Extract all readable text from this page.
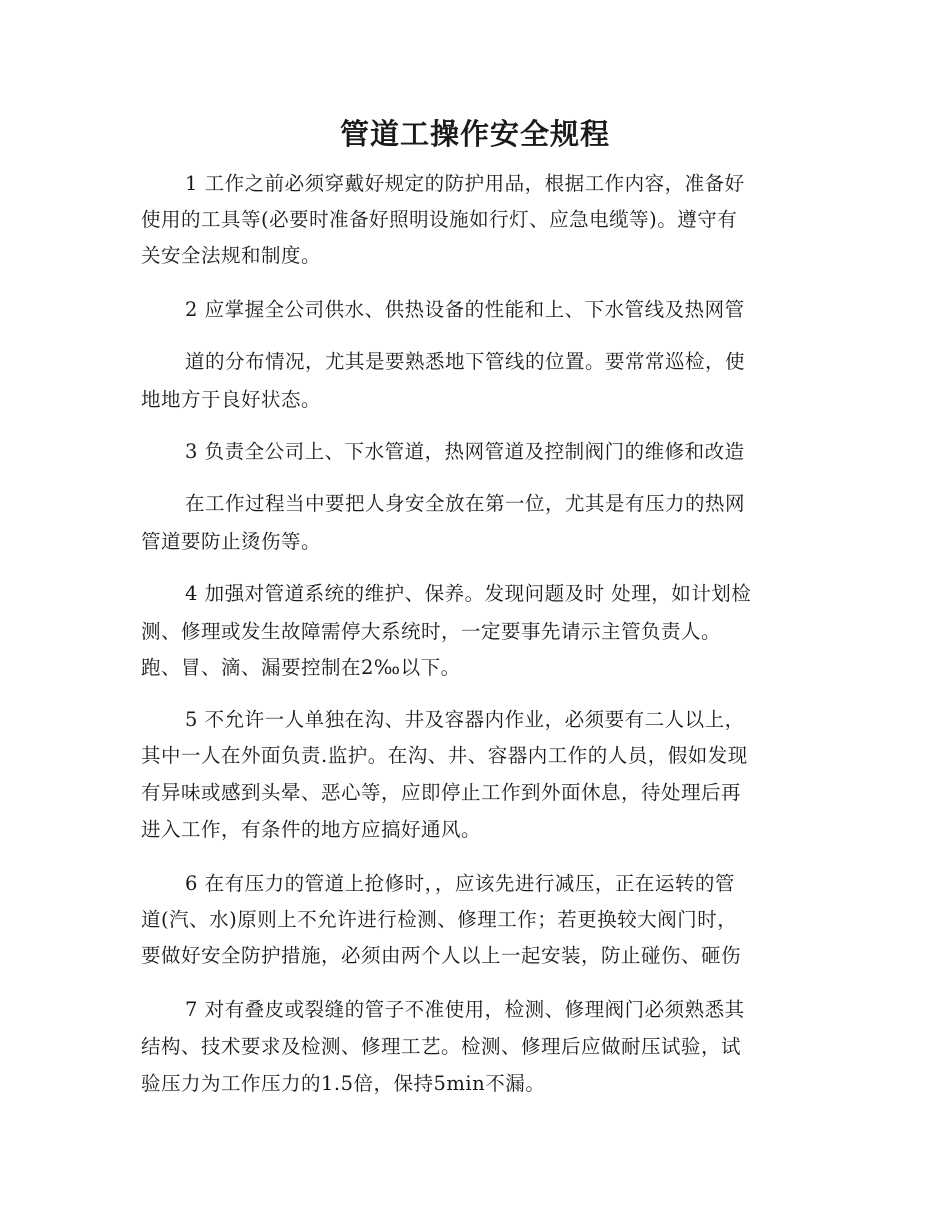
管道工操作安全规程
1 工作之前必须穿戴好规定的防护用品，根据工作内容，准备好
使用的工具等(必要时准备好照明设施如行灯、应急电缆等)。遵守有
关安全法规和制度。
2 应掌握全公司供水、供热设备的性能和上、下水管线及热网管
道的分布情况，尤其是要熟悉地下管线的位置。要常常巡检，使
地地方于良好状态。
3 负责全公司上、下水管道，热网管道及控制阀门的维修和改造
在工作过程当中要把人身安全放在第一位，尤其是有压力的热网
管道要防止烫伤等。
4 加强对管道系统的维护、保养。发现问题及时 处理，如计划检
测、修理或发生故障需停大系统时，一定要事先请示主管负责人。
跑、冒、滴、漏要控制在2‰以下。
5 不允许一人单独在沟、井及容器内作业，必须要有二人以上，
其中一人在外面负责.监护。在沟、井、容器内工作的人员，假如发现
有异味或感到头晕、恶心等，应即停止工作到外面休息，待处理后再
进入工作，有条件的地方应搞好通风。
6 在有压力的管道上抢修时，，应该先进行减压，正在运转的管
道(汽、水)原则上不允许进行检测、修理工作；若更换较大阀门时，
要做好安全防护措施，必须由两个人以上一起安装，防止碰伤、砸伤
7 对有叠皮或裂缝的管子不准使用，检测、修理阀门必须熟悉其
结构、技术要求及检测、修理工艺。检测、修理后应做耐压试验，试
验压力为工作压力的1.5倍，保持5min不漏。
